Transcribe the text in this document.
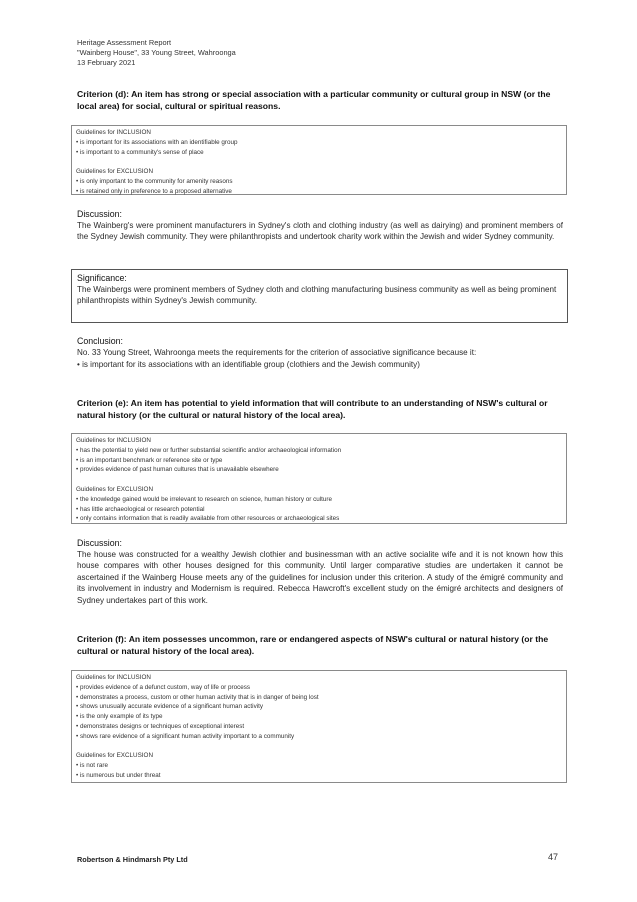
Heritage Assessment Report
"Wainberg House", 33 Young Street, Wahroonga
13 February 2021
Criterion (d): An item has strong or special association with a particular community or cultural group in NSW (or the local area) for social, cultural or spiritual reasons.
Guidelines for INCLUSION
• is important for its associations with an identifiable group
• is important to a community's sense of place
Guidelines for EXCLUSION
• is only important to the community for amenity reasons
• is retained only in preference to a proposed alternative
Discussion:
The Wainberg's were prominent manufacturers in Sydney's cloth and clothing industry (as well as dairying) and prominent members of the Sydney Jewish community. They were philanthropists and undertook charity work within the Jewish and wider Sydney community.
Significance:
The Wainbergs were prominent members of Sydney cloth and clothing manufacturing business community as well as being prominent philanthropists within Sydney's Jewish community.
Conclusion:
No. 33 Young Street, Wahroonga meets the requirements for the criterion of associative significance because it:
• is important for its associations with an identifiable group (clothiers and the Jewish community)
Criterion (e): An item has potential to yield information that will contribute to an understanding of NSW's cultural or natural history (or the cultural or natural history of the local area).
Guidelines for INCLUSION
• has the potential to yield new or further substantial scientific and/or archaeological information
• is an important benchmark or reference site or type
• provides evidence of past human cultures that is unavailable elsewhere
Guidelines for EXCLUSION
• the knowledge gained would be irrelevant to research on science, human history or culture
• has little archaeological or research potential
• only contains information that is readily available from other resources or archaeological sites
Discussion:
The house was constructed for a wealthy Jewish clothier and businessman with an active socialite wife and it is not known how this house compares with other houses designed for this community. Until larger comparative studies are undertaken it cannot be ascertained if the Wainberg House meets any of the guidelines for inclusion under this criterion. A study of the émigré community and its involvement in industry and Modernism is required. Rebecca Hawcroft's excellent study on the émigré architects and designers of Sydney undertakes part of this work.
Criterion (f): An item possesses uncommon, rare or endangered aspects of NSW's cultural or natural history (or the cultural or natural history of the local area).
Guidelines for INCLUSION
• provides evidence of a defunct custom, way of life or process
• demonstrates a process, custom or other human activity that is in danger of being lost
• shows unusually accurate evidence of a significant human activity
• is the only example of its type
• demonstrates designs or techniques of exceptional interest
• shows rare evidence of a significant human activity important to a community
Guidelines for EXCLUSION
• is not rare
• is numerous but under threat
Robertson & Hindmarsh Pty Ltd	47
